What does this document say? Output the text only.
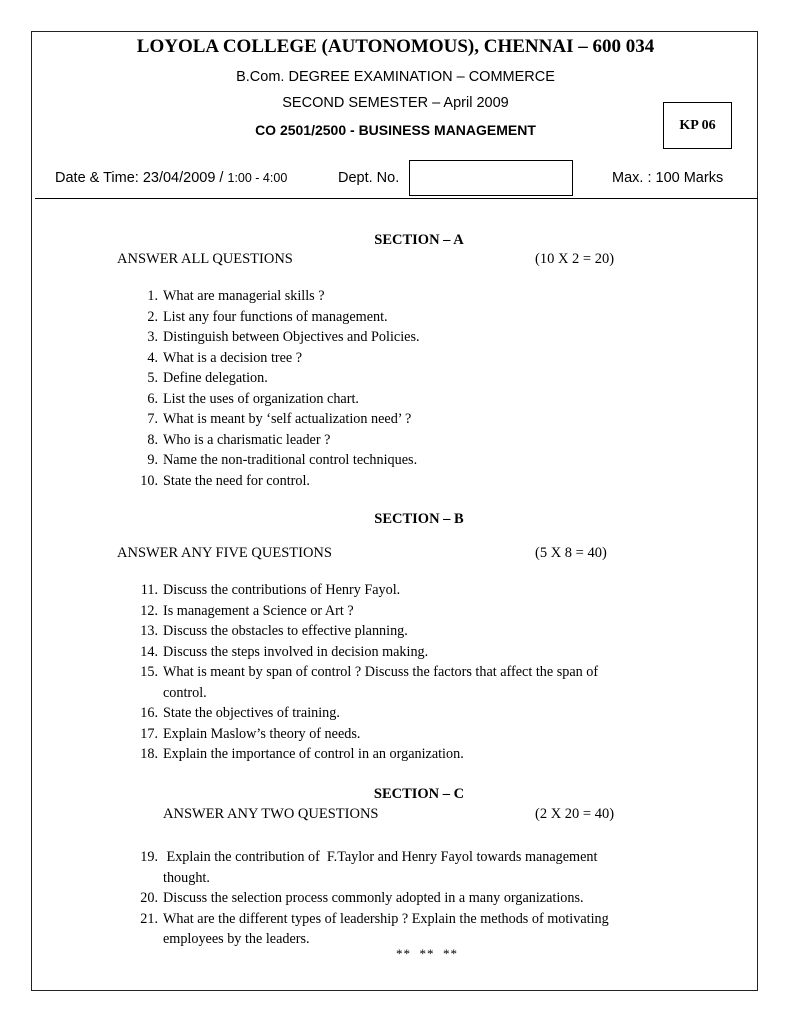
LOYOLA COLLEGE (AUTONOMOUS), CHENNAI – 600 034
B.Com. DEGREE EXAMINATION – COMMERCE
SECOND SEMESTER – April 2009
CO 2501/2500 - BUSINESS MANAGEMENT	KP 06
Date & Time: 23/04/2009 / 1:00 - 4:00	Dept. No.	Max. : 100 Marks
SECTION – A
ANSWER ALL QUESTIONS	(10 X 2 = 20)
1. What are managerial skills ?
2. List any four functions of management.
3. Distinguish between Objectives and Policies.
4. What is a decision tree ?
5. Define delegation.
6. List the uses of organization chart.
7. What is meant by ‘self actualization need’ ?
8. Who is a charismatic leader ?
9. Name the non-traditional control techniques.
10. State the need for control.
SECTION – B
ANSWER ANY FIVE QUESTIONS	(5 X 8 = 40)
11. Discuss the contributions of Henry Fayol.
12. Is management a Science or Art ?
13. Discuss the obstacles to effective planning.
14. Discuss the steps involved in decision making.
15. What is meant by span of control ? Discuss the factors that affect the span of
control.
16. State the objectives of training.
17. Explain Maslow’s theory of needs.
18. Explain the importance of control in an organization.
SECTION – C
ANSWER ANY TWO QUESTIONS	(2 X 20 = 40)
19. Explain the contribution of  F.Taylor and Henry Fayol towards management
thought.
20. Discuss the selection process commonly adopted in a many organizations.
21. What are the different types of leadership ? Explain the methods of motivating
employees by the leaders.
**  **  **
